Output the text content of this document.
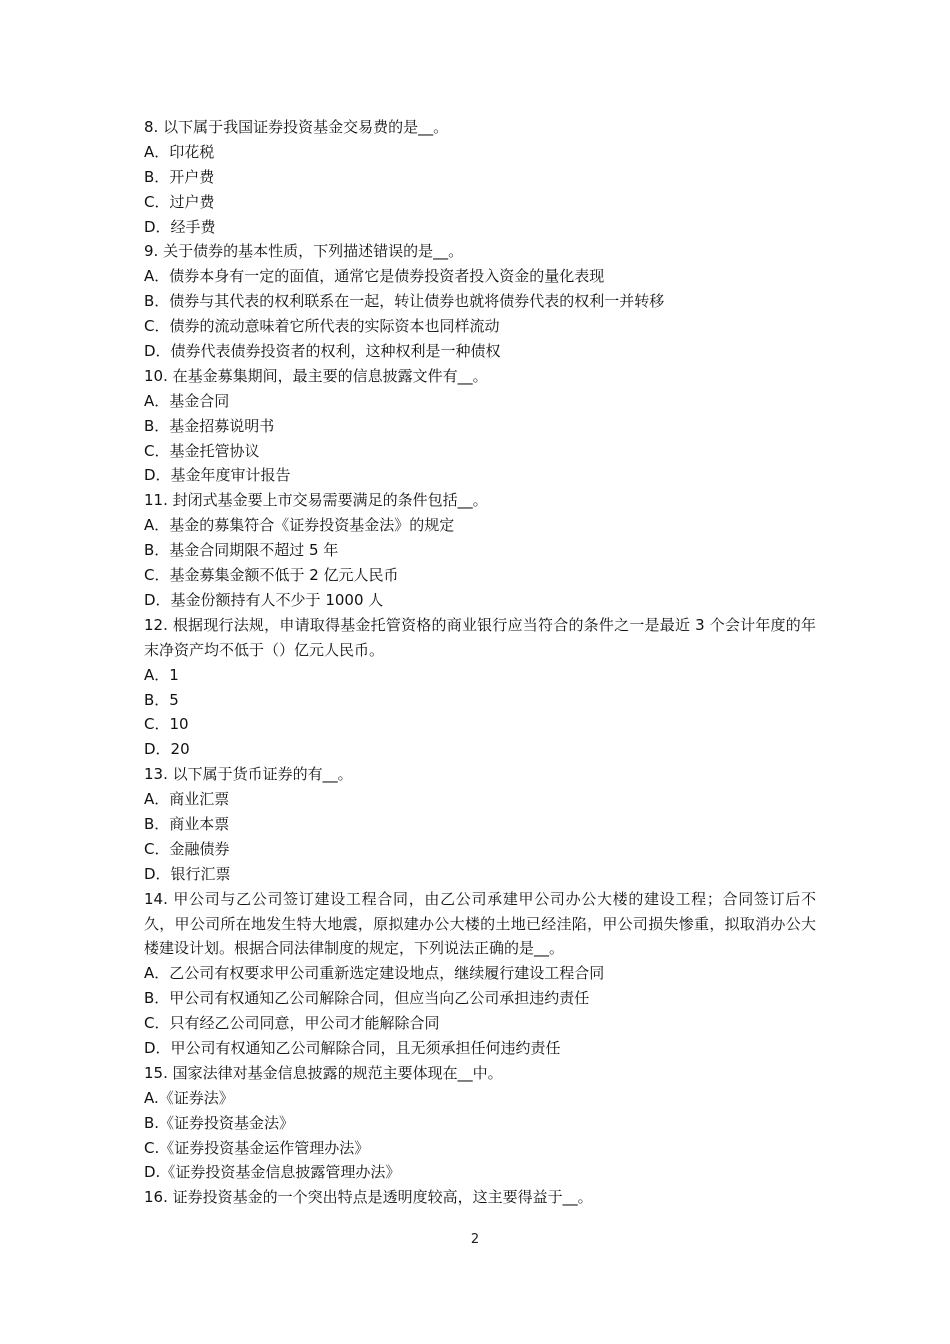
8. 以下属于我国证券投资基金交易费的是__。
A．印花税
B．开户费
C．过户费
D．经手费
9. 关于债券的基本性质，下列描述错误的是__。
A．债券本身有一定的面值，通常它是债券投资者投入资金的量化表现
B．债券与其代表的权利联系在一起，转让债券也就将债券代表的权利一并转移
C．债券的流动意味着它所代表的实际资本也同样流动
D．债券代表债券投资者的权利，这种权利是一种债权
10. 在基金募集期间，最主要的信息披露文件有__。
A．基金合同
B．基金招募说明书
C．基金托管协议
D．基金年度审计报告
11. 封闭式基金要上市交易需要满足的条件包括__。
A．基金的募集符合《证券投资基金法》的规定
B．基金合同期限不超过 5 年
C．基金募集金额不低于 2 亿元人民币
D．基金份额持有人不少于 1000 人
12. 根据现行法规，申请取得基金托管资格的商业银行应当符合的条件之一是最近 3 个会计年度的年末净资产均不低于（）亿元人民币。
A．1
B．5
C．10
D．20
13. 以下属于货币证券的有__。
A．商业汇票
B．商业本票
C．金融债券
D．银行汇票
14. 甲公司与乙公司签订建设工程合同，由乙公司承建甲公司办公大楼的建设工程；合同签订后不久，甲公司所在地发生特大地震，原拟建办公大楼的土地已经洼陷，甲公司损失惨重，拟取消办公大楼建设计划。根据合同法律制度的规定，下列说法正确的是__。
A．乙公司有权要求甲公司重新选定建设地点，继续履行建设工程合同
B．甲公司有权通知乙公司解除合同，但应当向乙公司承担违约责任
C．只有经乙公司同意，甲公司才能解除合同
D．甲公司有权通知乙公司解除合同，且无须承担任何违约责任
15. 国家法律对基金信息披露的规范主要体现在__中。
A.《证券法》
B.《证券投资基金法》
C.《证券投资基金运作管理办法》
D.《证券投资基金信息披露管理办法》
16. 证券投资基金的一个突出特点是透明度较高，这主要得益于__。
2
